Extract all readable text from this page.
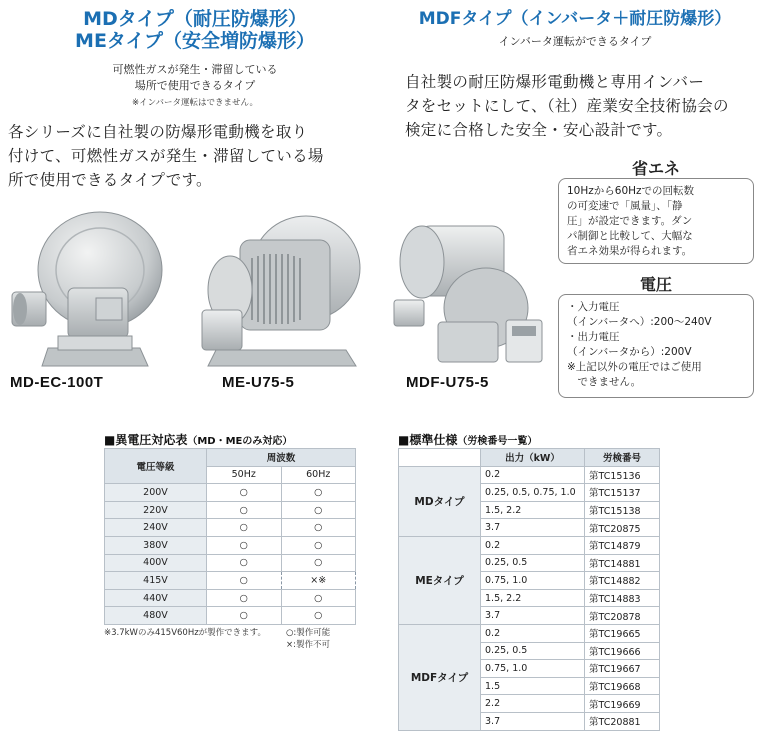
MDタイプ（耐圧防爆形）
MEタイプ（安全増防爆形）
可燃性ガスが発生・滞留している
場所で使用できるタイプ
※インバータ運転はできません。
各シリーズに自社製の防爆形電動機を取り
付けて、可燃性ガスが発生・滞留している場
所で使用できるタイプです。
MDFタイプ（インバータ＋耐圧防爆形）
インバータ運転ができるタイプ
自社製の耐圧防爆形電動機と専用インバー
タをセットにして、（社）産業安全技術協会の
検定に合格した安全・安心設計です。
省エネ
10Hzから60Hzでの回転数
の可変速で「風量」、「静
圧」が設定できます。ダン
パ制御と比較して、大幅な
省エネ効果が得られます。
電圧
・入力電圧
（インバータへ）:200〜240V
・出力電圧
（インバータから）:200V
※上記以外の電圧ではご使用
　できません。
MD-EC-100T	ME-U75-5	MDF-U75-5
■異電圧対応表（MD・MEのみ対応）
電圧等級	周波数	
	50Hz	60Hz
200V	○	○
220V	○	○
240V	○	○
380V	○	○
400V	○	○
415V	○	×※
440V	○	○
480V	○	○
※3.7kWのみ415V60Hzが製作できます。 ○:製作可能
×:製作不可
■標準仕様（労検番号一覧）
	出力（kW）	労検番号
MDタイプ	0.2	第TC15136
	0.25, 0.5, 0.75, 1.0	第TC15137
	1.5, 2.2	第TC15138
	3.7	第TC20875
MEタイプ	0.2	第TC14879
	0.25, 0.5	第TC14881
	0.75, 1.0	第TC14882
	1.5, 2.2	第TC14883
	3.7	第TC20878
MDFタイプ	0.2	第TC19665
	0.25, 0.5	第TC19666
	0.75, 1.0	第TC19667
	1.5	第TC19668
	2.2	第TC19669
	3.7	第TC20881
